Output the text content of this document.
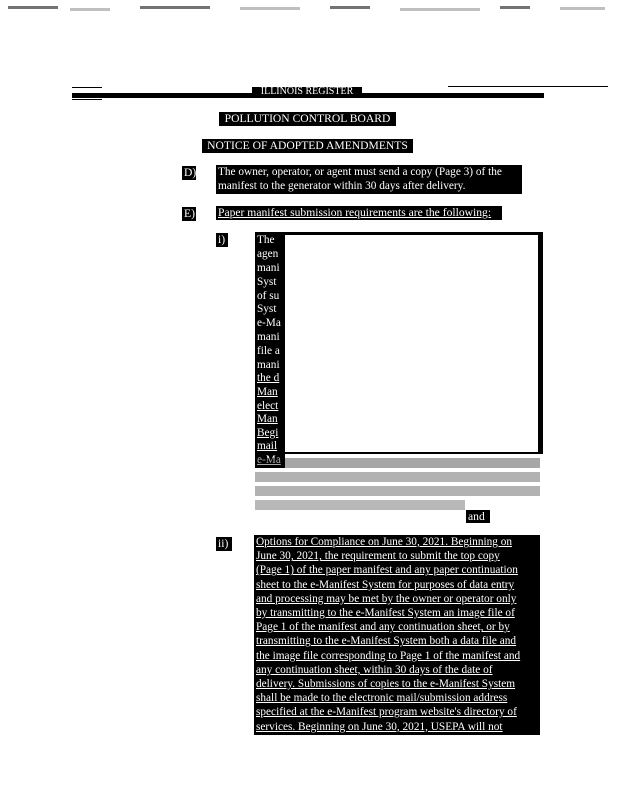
ILLINOIS REGISTER
POLLUTION CONTROL BOARD
NOTICE OF ADOPTED AMENDMENTS
D) The owner, operator, or agent must send a copy (Page 3) of the
manifest to the generator within 30 days after delivery.
E) Paper manifest submission requirements are the following:
i)	The
agen
mani
Syst
of su
Syst
e-Ma
mani
file a
mani
the d
Man
elect
Man
Begi
mail
e-Ma
and
ii)	Options for Compliance on June 30, 2021. Beginning on
June 30, 2021, the requirement to submit the top copy
(Page 1) of the paper manifest and any paper continuation
sheet to the e-Manifest System for purposes of data entry
and processing may be met by the owner or operator only
by transmitting to the e-Manifest System an image file of
Page 1 of the manifest and any continuation sheet, or by
transmitting to the e-Manifest System both a data file and
the image file corresponding to Page 1 of the manifest and
any continuation sheet, within 30 days of the date of
delivery. Submissions of copies to the e-Manifest System
shall be made to the electronic mail/submission address
specified at the e-Manifest program website's directory of
services. Beginning on June 30, 2021, USEPA will not
